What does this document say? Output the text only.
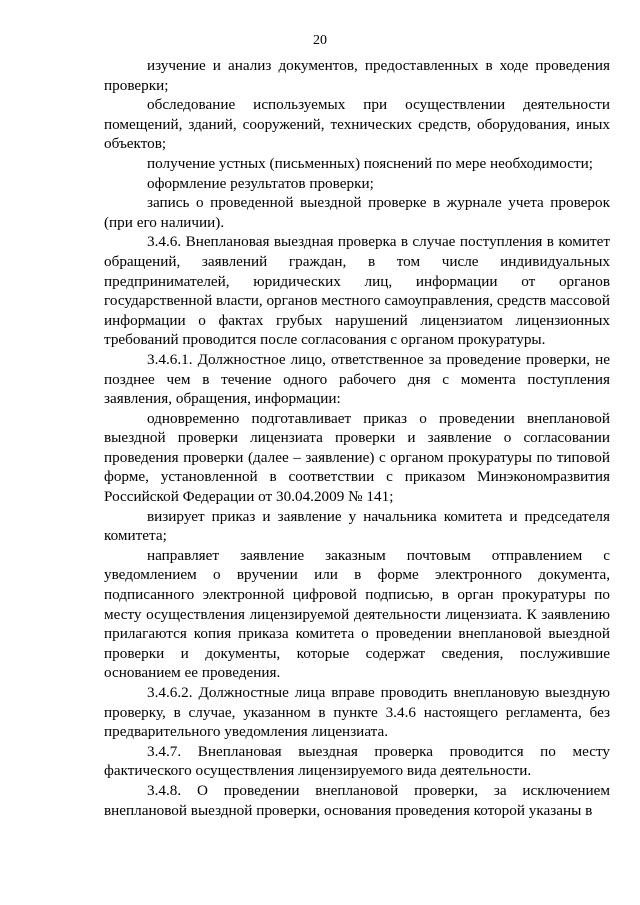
20

изучение и анализ документов, предоставленных в ходе проведения проверки;

обследование используемых при осуществлении деятельности помещений, зданий, сооружений, технических средств, оборудования, иных объектов;

получение устных (письменных) пояснений по мере необходимости;

оформление результатов проверки;

запись о проведенной выездной проверке в журнале учета проверок (при его наличии).

3.4.6. Внеплановая выездная проверка в случае поступления в комитет обращений, заявлений граждан, в том числе индивидуальных предпринимателей, юридических лиц, информации от органов государственной власти, органов местного самоуправления, средств массовой информации о фактах грубых нарушений лицензиатом лицензионных требований проводится после согласования с органом прокуратуры.

3.4.6.1. Должностное лицо, ответственное за проведение проверки, не позднее чем в течение одного рабочего дня с момента поступления заявления, обращения, информации:

одновременно подготавливает приказ о проведении внеплановой выездной проверки лицензиата проверки и заявление о согласовании проведения проверки (далее – заявление) с органом прокуратуры по типовой форме, установленной в соответствии с приказом Минэкономразвития Российской Федерации от 30.04.2009 № 141;

визирует приказ и заявление у начальника комитета и председателя комитета;

направляет заявление заказным почтовым отправлением с уведомлением о вручении или в форме электронного документа, подписанного электронной цифровой подписью, в орган прокуратуры по месту осуществления лицензируемой деятельности лицензиата. К заявлению прилагаются копия приказа комитета о проведении внеплановой выездной проверки и документы, которые содержат сведения, послужившие основанием ее проведения.

3.4.6.2. Должностные лица вправе проводить внеплановую выездную проверку, в случае, указанном в пункте 3.4.6 настоящего регламента, без предварительного уведомления лицензиата.

3.4.7. Внеплановая выездная проверка проводится по месту фактического осуществления лицензируемого вида деятельности.

3.4.8. О проведении внеплановой проверки, за исключением внеплановой выездной проверки, основания проведения которой указаны в
